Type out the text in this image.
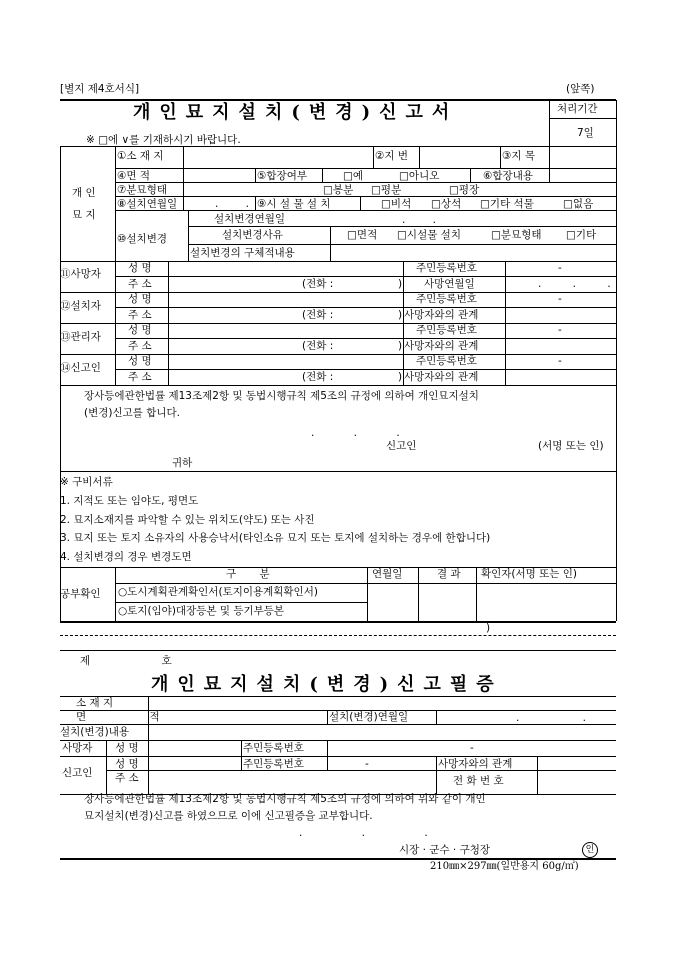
[별지 제4호서식]	(앞쪽)
개인묘지설치(변경)신고서	처리기간
7일
※ □에 ∨를 기재하시기 바랍니다.
개 인
묘 지
①소 재 지	②지 번	③지 목
④면 적	⑤합장여부	□예	□아니오	⑥합장내용
⑦분묘형태	□봉분 □평분	□평장
⑧설치연월일	. .
⑨시 설 물 설 치	□비석 □상석 □기타 석물	□없음
⑩설치변경
설치변경연월일	. .
설치변경사유	□면적 □시설물 설치	□분묘형태 □기타
설치변경의 구체적내용
⑪사망자	성 명	주민등록번호	-
주 소	(전화 :	) 사망연월일	. . .
⑫설치자
성 명	주민등록번호	-
주 소	(전화 :	) 사망자와의 관계
⑬관리자
성 명	주민등록번호	-
주 소	(전화 :	) 사망자와의 관계
⑭신고인
성 명	주민등록번호	-
주 소	(전화 :	) 사망자와의 관계
장사등에관한법률 제13조제2항 및 동법시행규칙 제5조의 규정에 의하여 개인묘지설치
(변경)신고를 합니다.
. . .
신고인	(서명 또는 인)
귀하
※ 구비서류
1. 지적도 또는 임야도, 평면도
2. 묘지소재지를 파악할 수 있는 위치도(약도) 또는 사진
3. 묘지 또는 토지 소유자의 사용승낙서(타인소유 묘지 또는 토지에 설치하는 경우에 한합니다)
4. 설치변경의 경우 변경도면
공부확인
구 분	연월일	결 과 확인자(서명 또는 인)
○도시계획관계확인서(토지이용계획확인서)
○토지(임야)대장등본 및 등기부등본
)
제 호
개인묘지설치(변경)신고필증
소 재 지
면 적	설치(변경)연월일	. .
설치(변경)내용
사망자 성 명	주민등록번호	-
신고인
성 명	주민등록번호	-	사망자와의 관계
주 소	전 화 번 호
장사등에관한법률 제13조제2항 및 동법시행규칙 제5조의 규정에 의하여 위와 같이 개인
묘지설치(변경)신고를 하였으므로 이에 신고필증을 교부합니다.
. . .
시장 · 군수 · 구청장	인
210㎜×297㎜(일반용지 60g/㎡)
